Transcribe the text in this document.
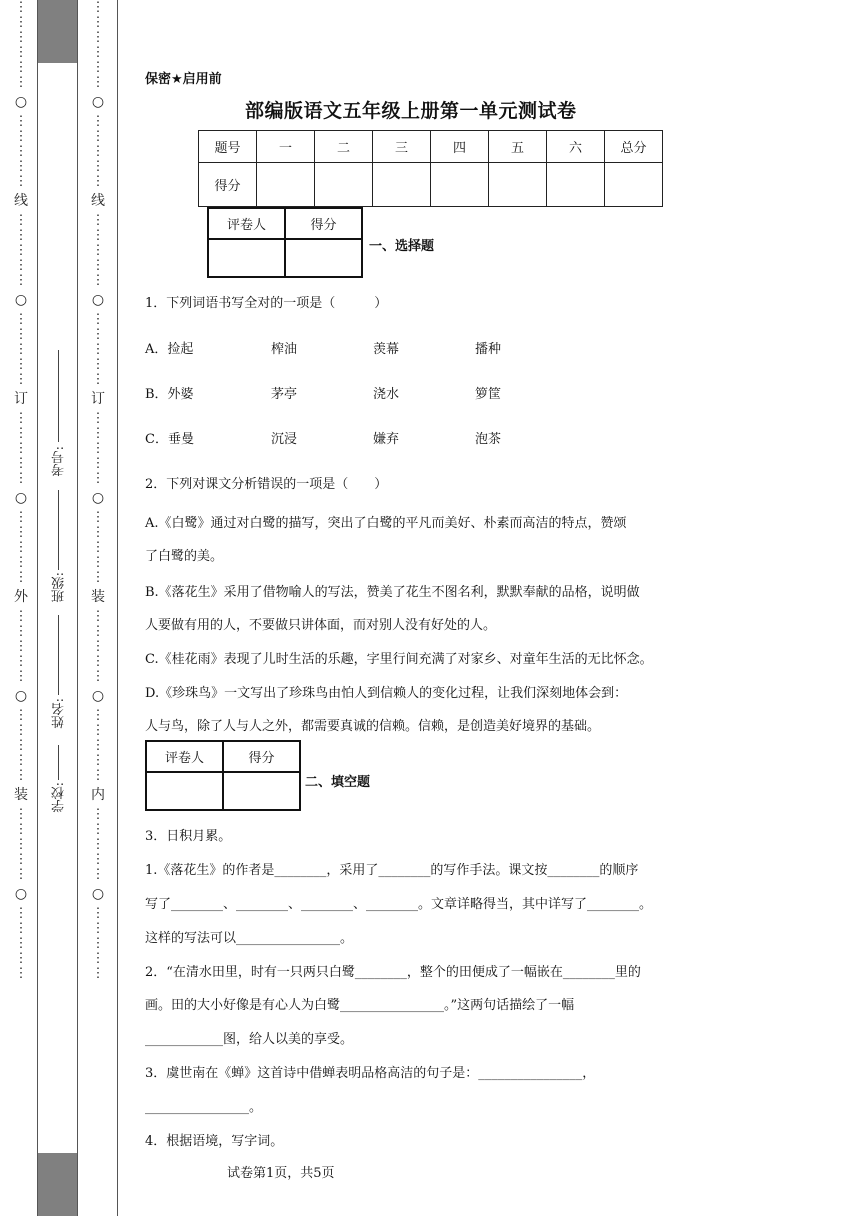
⋮
⋮
⋮
⋮
⋮
⋮
○
⋮
⋮
⋮
⋮
⋮
线
⋮
⋮
⋮
⋮
⋮
○
⋮
⋮
⋮
⋮
⋮
订
⋮
⋮
⋮
⋮
⋮
○
⋮
⋮
⋮
⋮
⋮
外
⋮
⋮
⋮
⋮
⋮
○
⋮
⋮
⋮
⋮
⋮
装
⋮
⋮
⋮
⋮
⋮
○
⋮
⋮
⋮
⋮
⋮
⋮
⋮
⋮
⋮
⋮
⋮
○
⋮
⋮
⋮
⋮
⋮
线
⋮
⋮
⋮
⋮
⋮
○
⋮
⋮
⋮
⋮
⋮
订
⋮
⋮
⋮
⋮
⋮
○
⋮
⋮
⋮
⋮
⋮
装
⋮
⋮
⋮
⋮
⋮
○
⋮
⋮
⋮
⋮
⋮
内
⋮
⋮
⋮
⋮
⋮
○
⋮
⋮
⋮
⋮
⋮
学校:
姓名:
班级:
考号:
保密★启用前
部编版语文五年级上册第一单元测试卷
题号	一	二	三	四	五	六	总分
得分							
评卷人	得分

一、选择题
1．下列词语书写全对的一项是（　　　）
A．捡起	榨油	羡幕	播种
B．外婆	茅亭	浇水	箩筐
C．垂曼	沉浸	嫌弃	泡茶
2．下列对课文分析错误的一项是（　　）
A.《白鹭》通过对白鹭的描写，突出了白鹭的平凡而美好、朴素而高洁的特点，赞颂
了白鹭的美。
B.《落花生》采用了借物喻人的写法，赞美了花生不图名利，默默奉献的品格，说明做
人要做有用的人，不要做只讲体面，而对别人没有好处的人。
C.《桂花雨》表现了儿时生活的乐趣，字里行间充满了对家乡、对童年生活的无比怀念。
D.《珍珠鸟》一文写出了珍珠鸟由怕人到信赖人的变化过程，让我们深刻地体会到：
人与鸟，除了人与人之外，都需要真诚的信赖。信赖，是创造美好境界的基础。
评卷人	得分

二、填空题
3．日积月累。
1.《落花生》的作者是________，采用了________的写作手法。课文按________的顺序
写了________、________、________、________。文章详略得当，其中详写了________。
这样的写法可以________________。
2．“在清水田里，时有一只两只白鹭________，整个的田便成了一幅嵌在________里的
画。田的大小好像是有心人为白鹭________________。”这两句话描绘了一幅
____________图，给人以美的享受。
3．虞世南在《蝉》这首诗中借蝉表明品格高洁的句子是：________________，
________________。
4．根据语境，写字词。
试卷第1页，共5页
